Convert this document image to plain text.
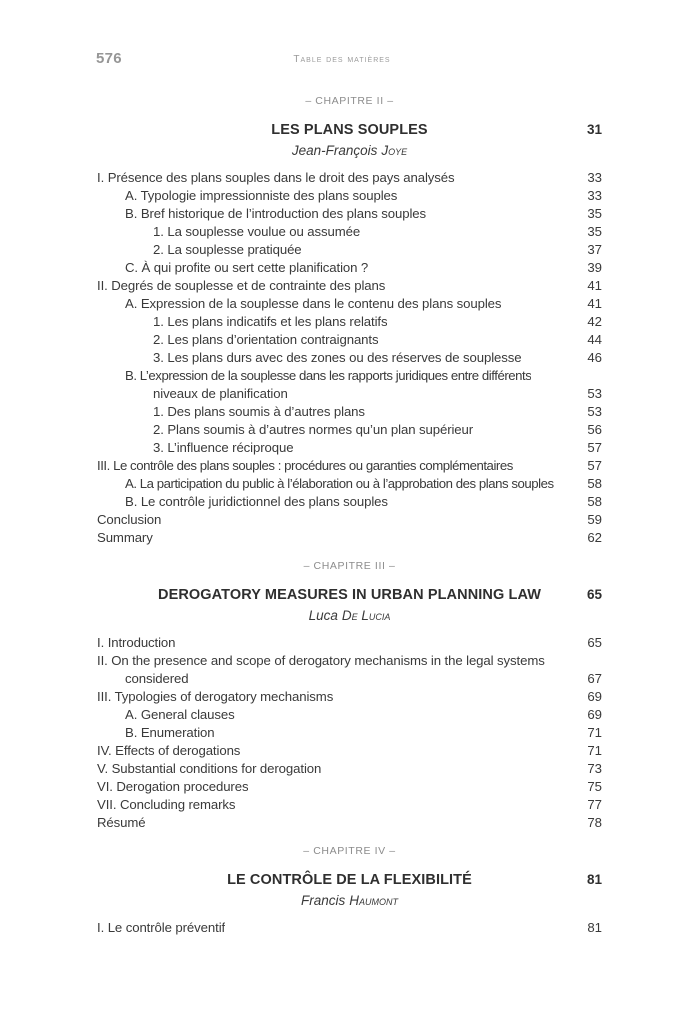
576	Table des matières
– CHAPITRE II –
LES PLANS SOUPLES	31
Jean-François Joye
I. Présence des plans souples dans le droit des pays analysés	33
A. Typologie impressionniste des plans souples	33
B. Bref historique de l’introduction des plans souples	35
1. La souplesse voulue ou assumée	35
2. La souplesse pratiquée	37
C. À qui profite ou sert cette planification ?	39
II. Degrés de souplesse et de contrainte des plans	41
A. Expression de la souplesse dans le contenu des plans souples	41
1. Les plans indicatifs et les plans relatifs	42
2. Les plans d’orientation contraignants	44
3. Les plans durs avec des zones ou des réserves de souplesse	46
B. L’expression de la souplesse dans les rapports juridiques entre différents
niveaux de planification	53
1. Des plans soumis à d’autres plans	53
2. Plans soumis à d’autres normes qu’un plan supérieur	56
3. L’influence réciproque	57
III. Le contrôle des plans souples : procédures ou garanties complémentaires	57
A. La participation du public à l’élaboration ou à l’approbation des plans souples	58
B. Le contrôle juridictionnel des plans souples	58
Conclusion	59
Summary	62
– CHAPITRE III –
DEROGATORY MEASURES IN URBAN PLANNING LAW	65
Luca De Lucia
I. Introduction	65
II. On the presence and scope of derogatory mechanisms in the legal systems
considered	67
III. Typologies of derogatory mechanisms	69
A. General clauses	69
B. Enumeration	71
IV. Effects of derogations	71
V. Substantial conditions for derogation	73
VI. Derogation procedures	75
VII. Concluding remarks	77
Résumé	78
– CHAPITRE IV –
LE CONTRÔLE DE LA FLEXIBILITÉ	81
Francis Haumont
I. Le contrôle préventif	81
